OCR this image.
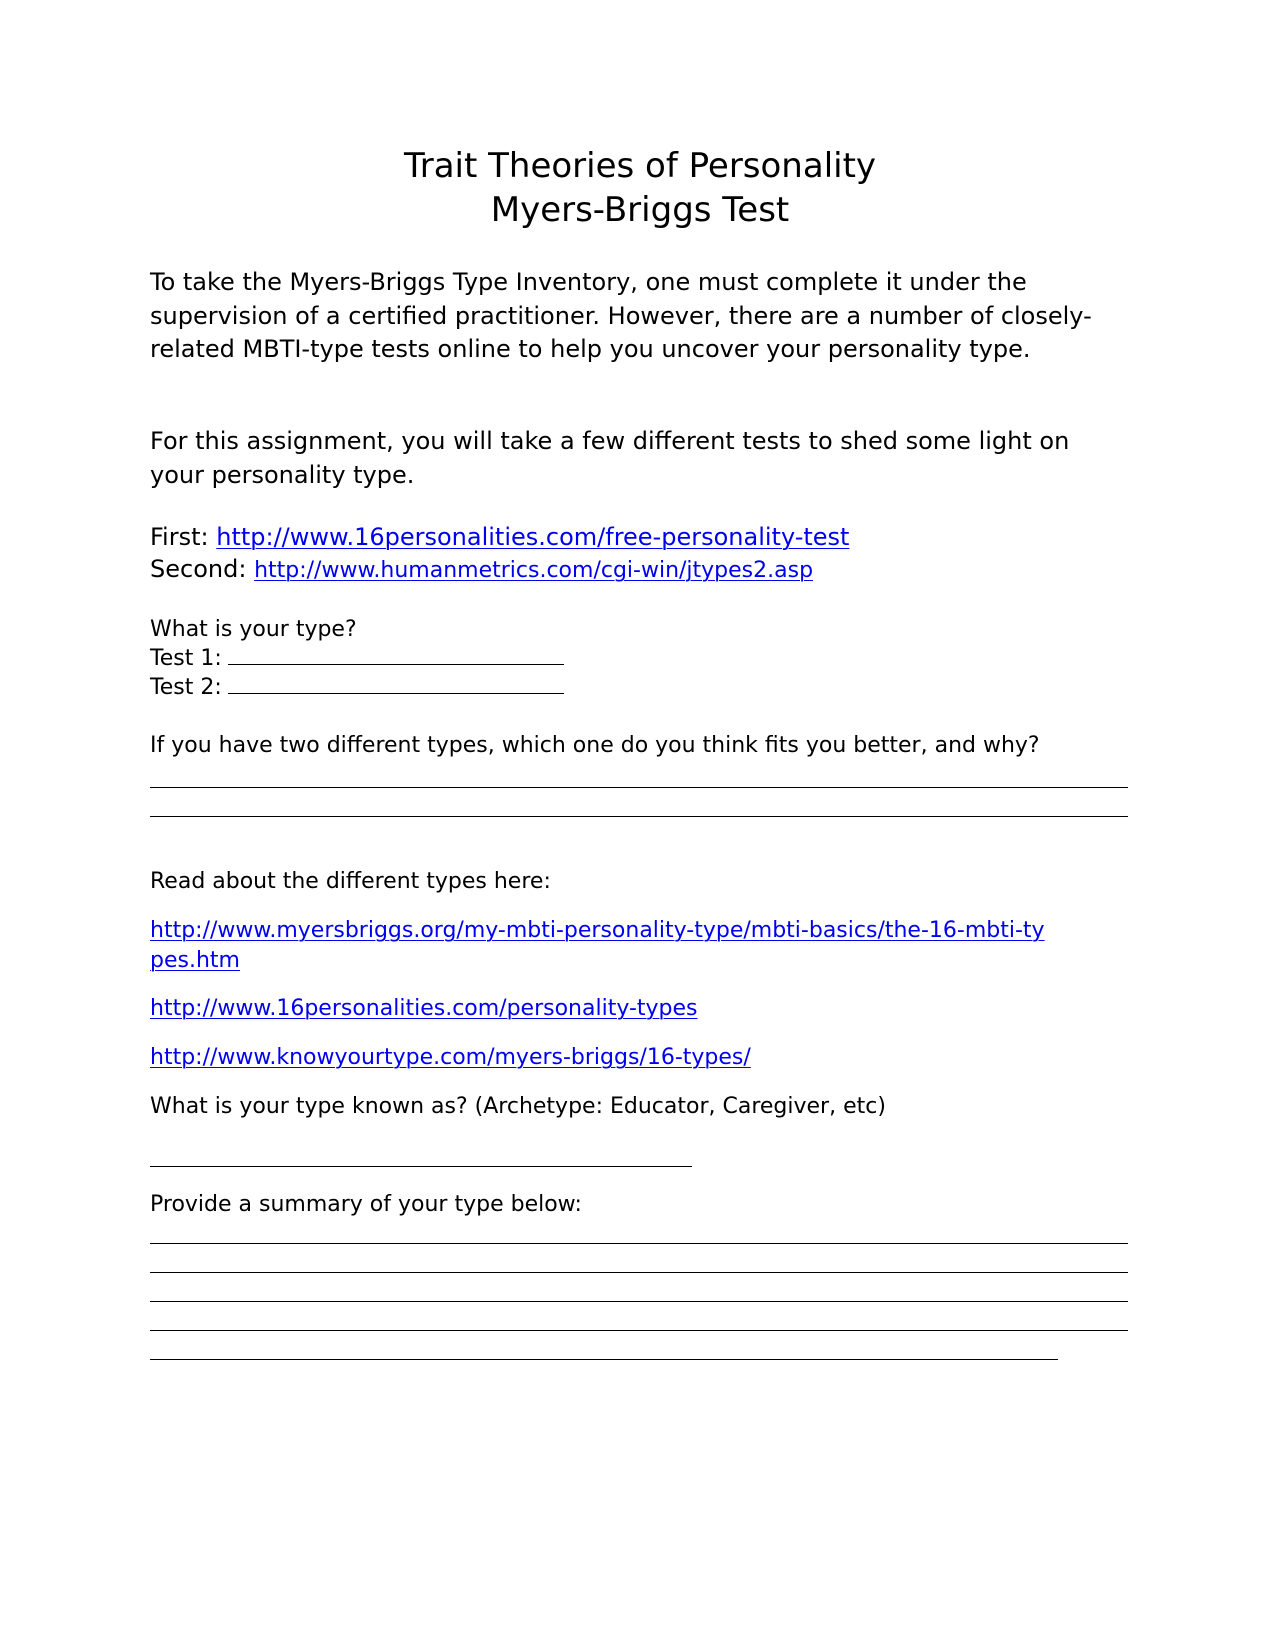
Trait Theories of Personality
Myers-Briggs Test
To take the Myers-Briggs Type Inventory, one must complete it under the supervision of a certified practitioner. However, there are a number of closely-related MBTI-type tests online to help you uncover your personality type.
For this assignment, you will take a few different tests to shed some light on your personality type.
First: http://www.16personalities.com/free-personality-test
Second: http://www.humanmetrics.com/cgi-win/jtypes2.asp
What is your type?
Test 1:
Test 2:
If you have two different types, which one do you think fits you better, and why?
Read about the different types here:
http://www.myersbriggs.org/my-mbti-personality-type/mbti-basics/the-16-mbti-types.htm
http://www.16personalities.com/personality-types
http://www.knowyourtype.com/myers-briggs/16-types/
What is your type known as? (Archetype: Educator, Caregiver, etc)
Provide a summary of your type below:
